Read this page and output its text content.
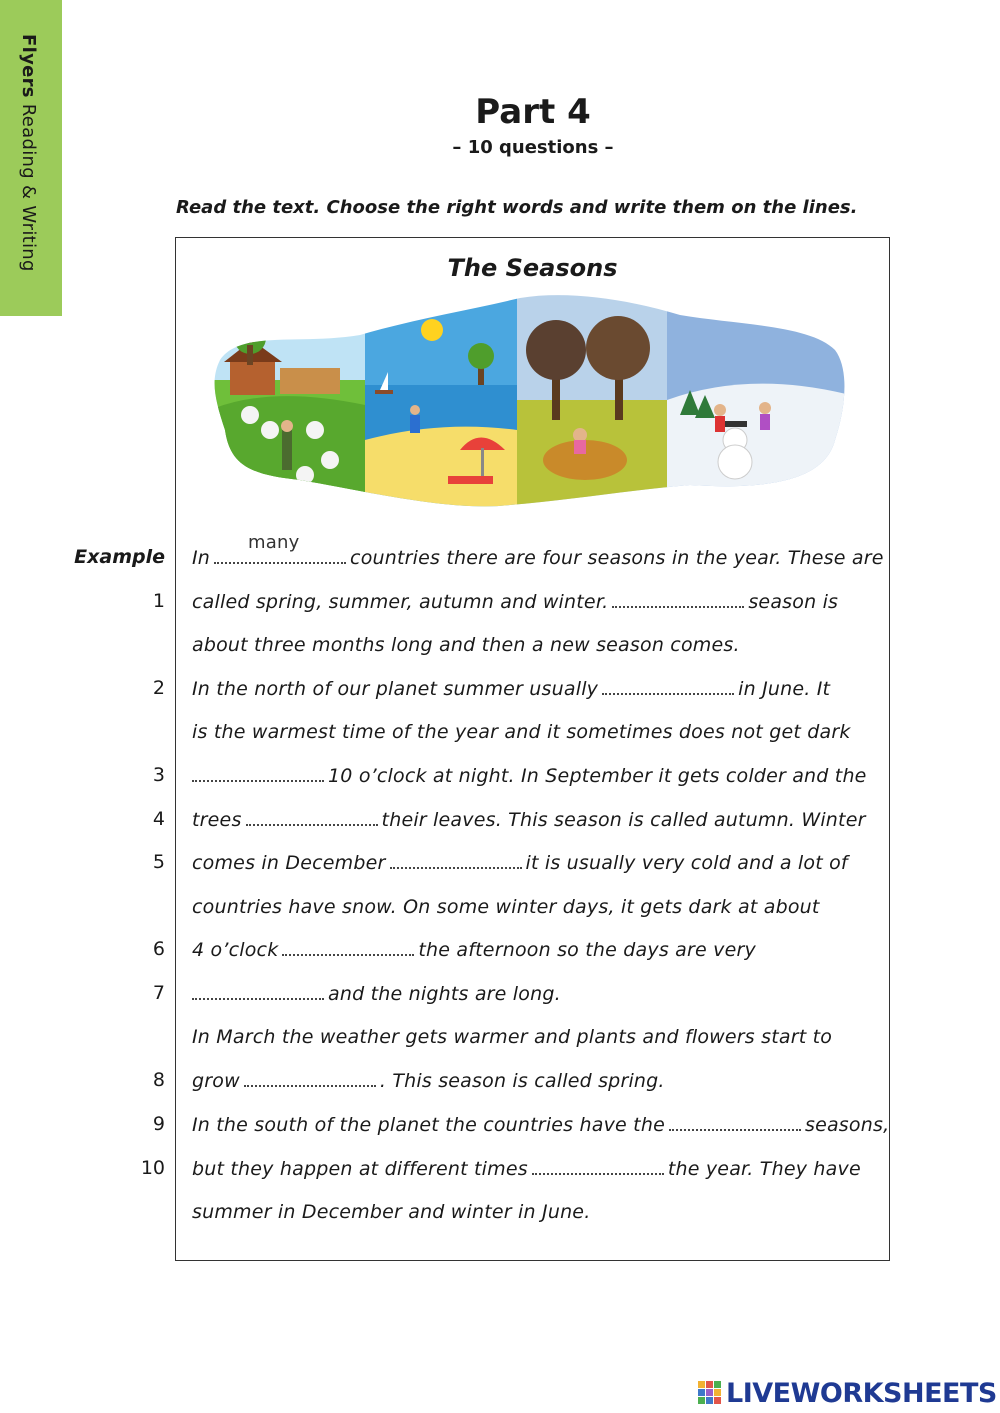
FlyersReading & Writing	Part 4
– 10 questions –
Read the text. Choose the right words and write them on the lines.
The Seasons
Example In
many
countries there are four seasons in the year. These are
1 called spring, summer, autumn and winter.	season is
about three months long and then a new season comes.
2 In the north of our planet summer usually	in June. It
is the warmest time of the year and it sometimes does not get dark
3	10 o’clock at night. In September it gets colder and the
4 trees	their leaves. This season is called autumn. Winter
5 comes in December	it is usually very cold and a lot of
countries have snow. On some winter days, it gets dark at about
6 4 o’clock	the afternoon so the days are very
7	and the nights are long.
In March the weather gets warmer and plants and flowers start to
8 grow	. This season is called spring.
9 In the south of the planet the countries have the	seasons,
10 but they happen at different times	the year. They have
summer in December and winter in June.
LIVEWORKSHEETS
